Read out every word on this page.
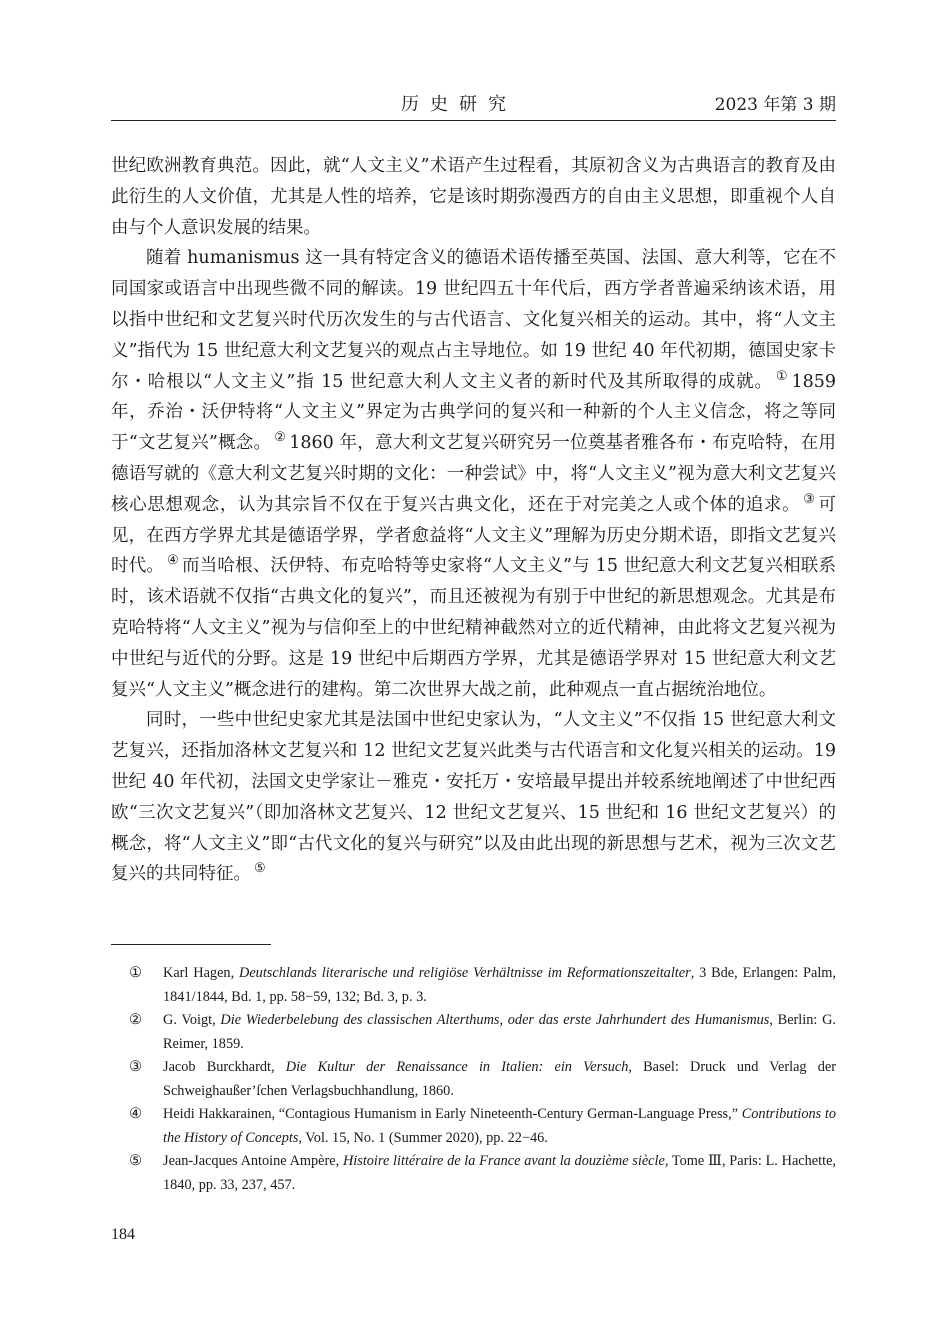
历史研究	2023 年第 3 期

世纪欧洲教育典范。因此，就“人文主义”术语产生过程看，其原初含义为古典语言的教育及由此衍生的人文价值，尤其是人性的培养，它是该时期弥漫西方的自由主义思想，即重视个人自由与个人意识发展的结果。

随着 humanismus 这一具有特定含义的德语术语传播至英国、法国、意大利等，它在不同国家或语言中出现些微不同的解读。19 世纪四五十年代后，西方学者普遍采纳该术语，用以指中世纪和文艺复兴时代历次发生的与古代语言、文化复兴相关的运动。其中，将“人文主义”指代为 15 世纪意大利文艺复兴的观点占主导地位。如 19 世纪 40 年代初期，德国史家卡尔・哈根以“人文主义”指 15 世纪意大利人文主义者的新时代及其所取得的成就。 ① 1859 年，乔治・沃伊特将“人文主义”界定为古典学问的复兴和一种新的个人主义信念，将之等同于“文艺复兴”概念。 ② 1860 年，意大利文艺复兴研究另一位奠基者雅各布・布克哈特，在用德语写就的《意大利文艺复兴时期的文化：一种尝试》中，将“人文主义”视为意大利文艺复兴核心思想观念，认为其宗旨不仅在于复兴古典文化，还在于对完美之人或个体的追求。 ③ 可见，在西方学界尤其是德语学界，学者愈益将“人文主义”理解为历史分期术语，即指文艺复兴时代。 ④ 而当哈根、沃伊特、布克哈特等史家将“人文主义”与 15 世纪意大利文艺复兴相联系时，该术语就不仅指“古典文化的复兴”，而且还被视为有别于中世纪的新思想观念。尤其是布克哈特将“人文主义”视为与信仰至上的中世纪精神截然对立的近代精神，由此将文艺复兴视为中世纪与近代的分野。这是 19 世纪中后期西方学界，尤其是德语学界对 15 世纪意大利文艺复兴“人文主义”概念进行的建构。第二次世界大战之前，此种观点一直占据统治地位。

同时，一些中世纪史家尤其是法国中世纪史家认为，“人文主义”不仅指 15 世纪意大利文艺复兴，还指加洛林文艺复兴和 12 世纪文艺复兴此类与古代语言和文化复兴相关的运动。19 世纪 40 年代初，法国文史学家让－雅克・安托万・安培最早提出并较系统地阐述了中世纪西欧“三次文艺复兴”（即加洛林文艺复兴、12 世纪文艺复兴、15 世纪和 16 世纪文艺复兴）的概念，将“人文主义”即“古代文化的复兴与研究”以及由此出现的新思想与艺术，视为三次文艺复兴的共同特征。 ⑤

① Karl Hagen, Deutschlands literarische und religiöse Verhältnisse im Reformationszeitalter, 3 Bde, Erlangen: Palm, 1841/1844, Bd. 1, pp. 58−59, 132; Bd. 3, p. 3.
② G. Voigt, Die Wiederbelebung des classischen Alterthums, oder das erste Jahrhundert des Humanismus, Berlin: G. Reimer, 1859.
③ Jacob Burckhardt, Die Kultur der Renaissance in Italien: ein Versuch, Basel: Druck und Verlag der Schweighaußer’ſchen Verlagsbuchhandlung, 1860.
④ Heidi Hakkarainen, “Contagious Humanism in Early Nineteenth-Century German-Language Press,” Contributions to the History of Concepts, Vol. 15, No. 1 (Summer 2020), pp. 22−46.
⑤ Jean-Jacques Antoine Ampère, Histoire littéraire de la France avant la douzième siècle, Tome Ⅲ, Paris: L. Hachette, 1840, pp. 33, 237, 457.
184
